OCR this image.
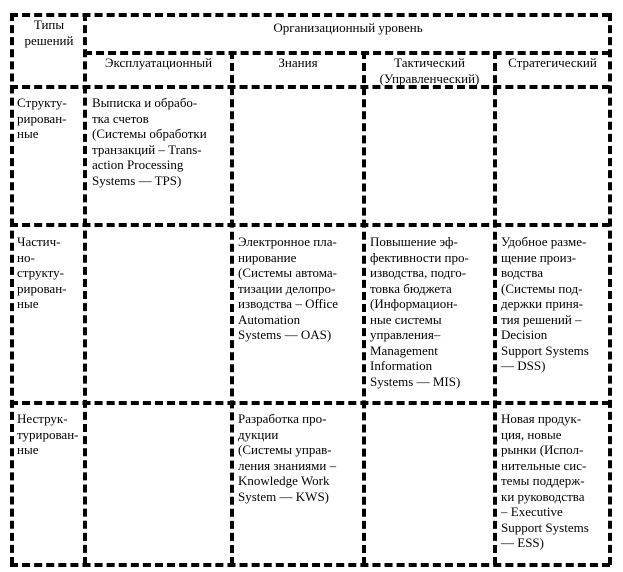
Типы
решений
Организационный уровень
Эксплуатационный	Знания	Тактический
(Управленческий)
Стратегический
Структу-
рирован-
ные
Выписка и обрабо-
тка счетов
(Системы обработки
транзакций – Trans-
action Processing
Systems — TPS)
Частич-
но-
структу-
рирован-
ные
Электронное пла-
нирование
(Системы автома-
тизации делопро-
изводства – Office
Automation
Systems — OAS)
Повышение эф-
фективности про-
изводства, подго-
товка бюджета
(Информацион-
ные системы
управления–
Management
Information
Systems — MIS)
Удобное разме-
щение произ-
водства
(Системы под-
держки приня-
тия решений –
Decision
Support Systems
— DSS)
Неструк-
турирован-
ные
Разработка про-
дукции
(Системы управ-
ления знаниями –
Knowledge Work
System — KWS)
Новая продук-
ция, новые
рынки (Испол-
нительные сис-
темы поддерж-
ки руководства
– Executive
Support Systems
— ESS)
